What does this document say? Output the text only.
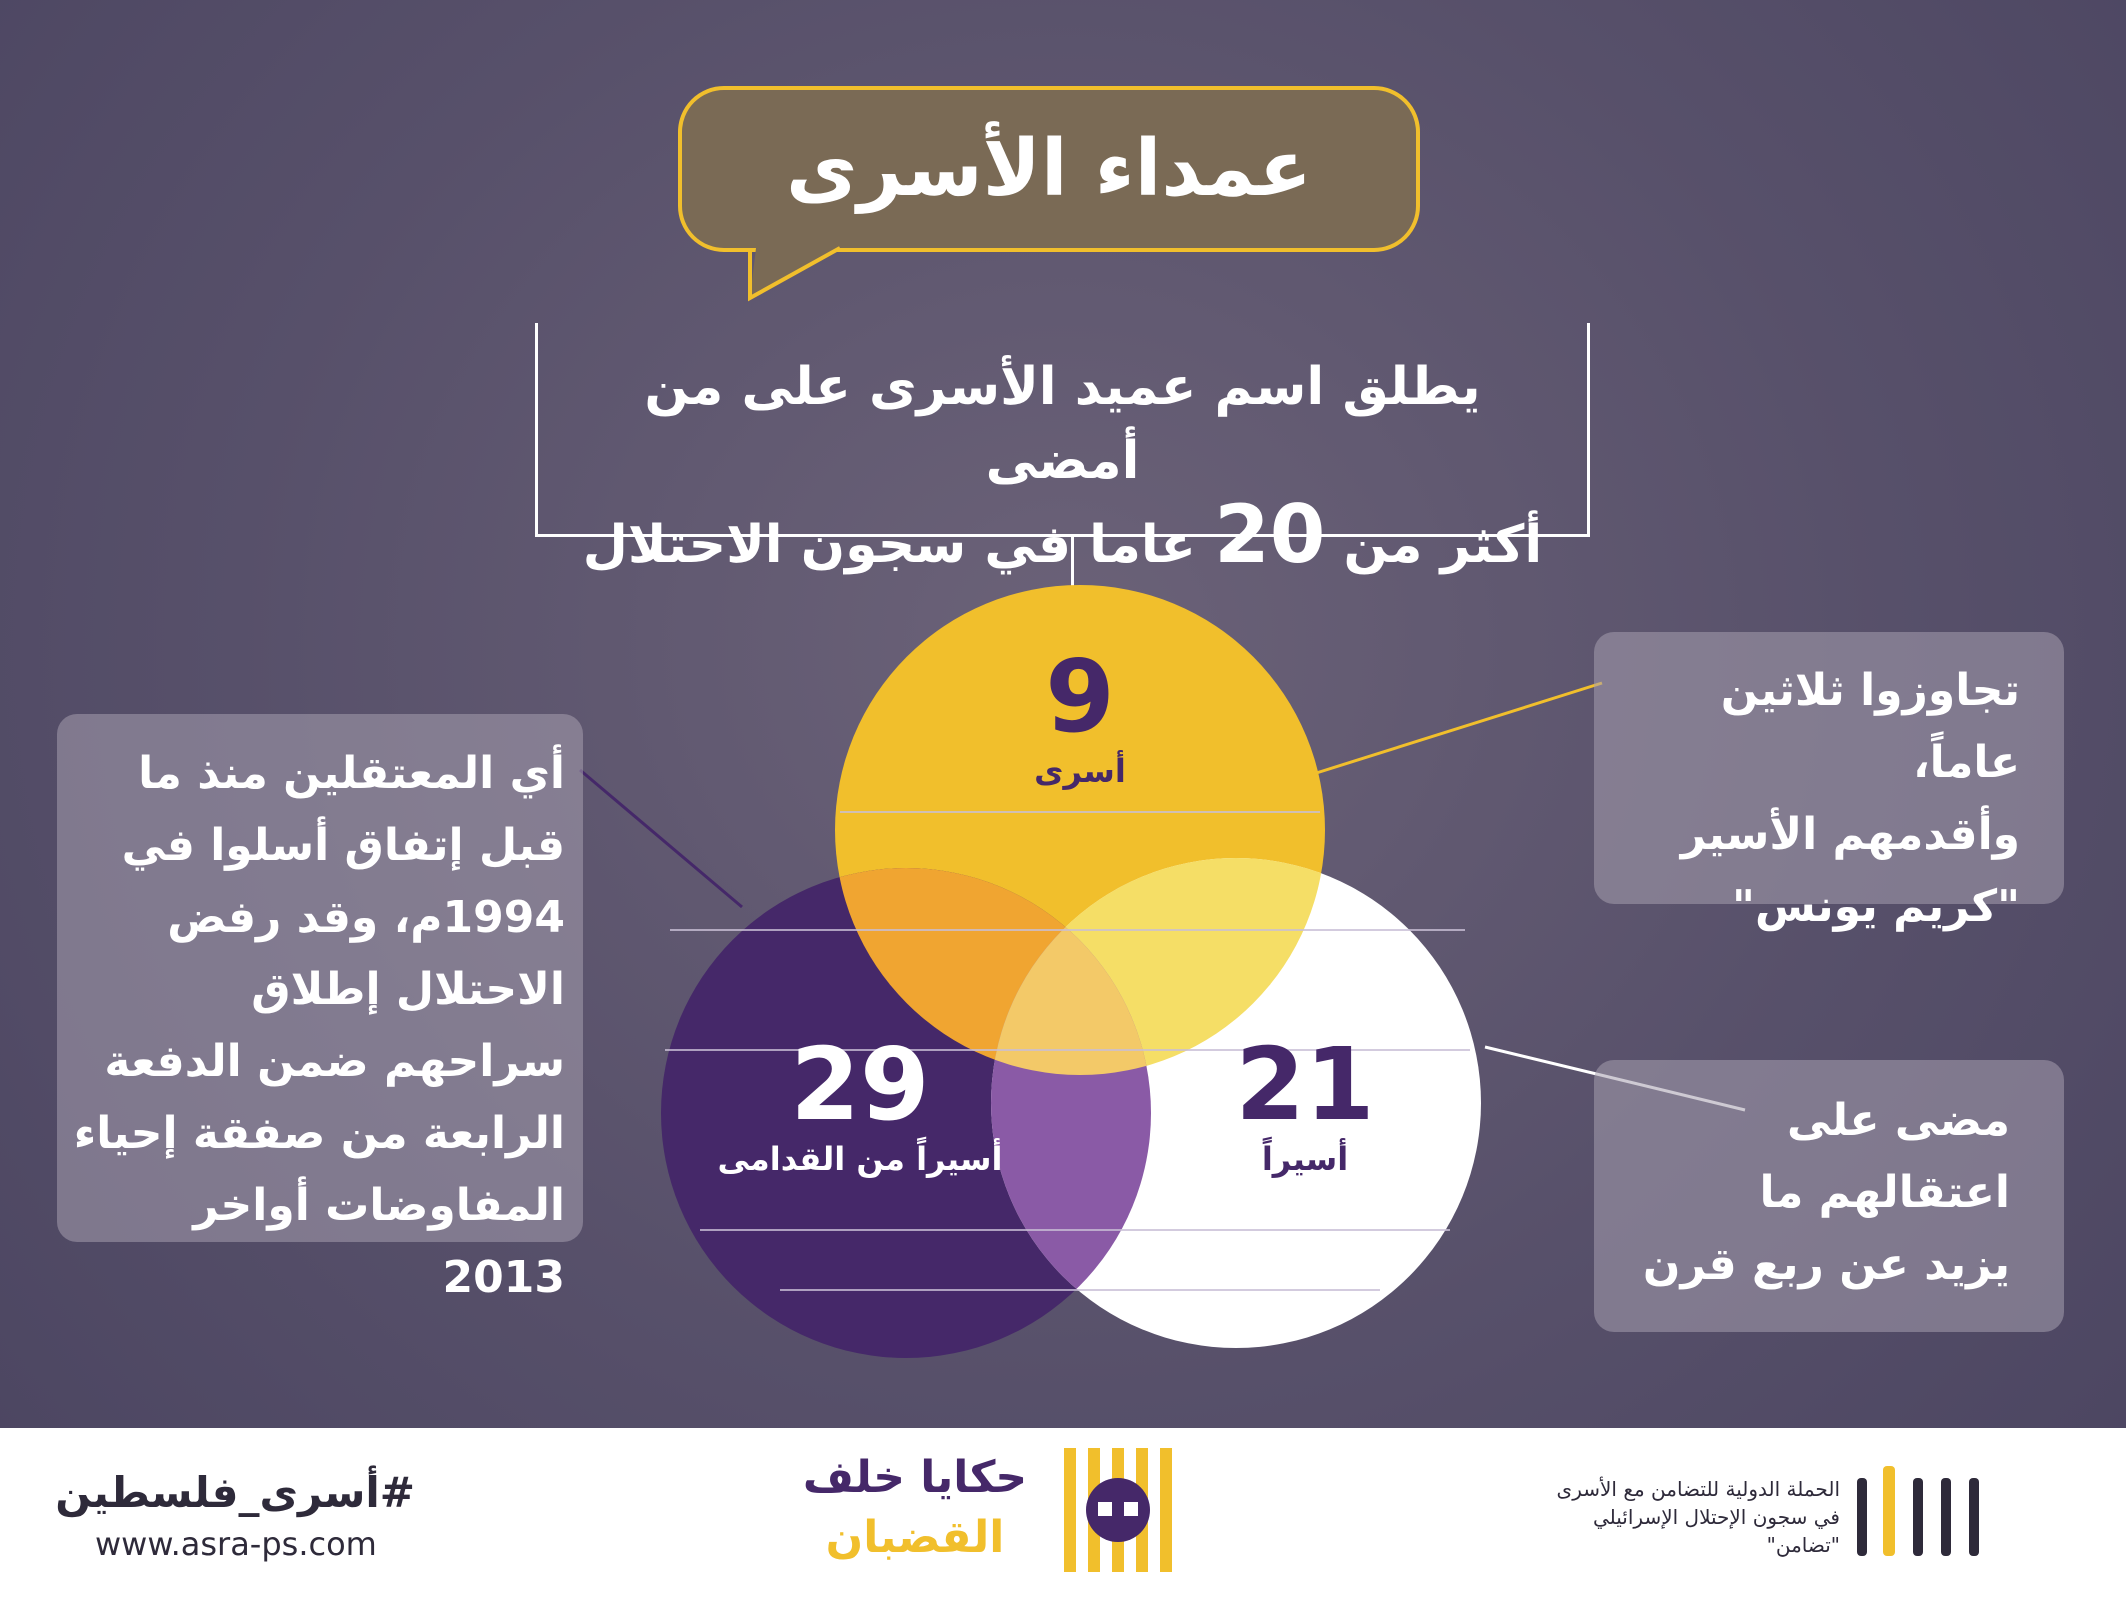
عمداء الأسرى
يطلق اسم عميد الأسرى على من أمضى
أكثر من 20 عاما في سجون الاحتلال
9
أسرى
29
أسيراً من القدامى
21
أسيراً
تجاوزوا ثلاثين عاماً،
وأقدمهم الأسير
"كريم يونس"
أي المعتقلين منذ ما
قبل إتفاق أسلوا في
1994م، وقد رفض
الاحتلال إطلاق
سراحهم ضمن الدفعة
الرابعة من صفقة إحياء
المفاوضات أواخر 2013
مضى على
اعتقالهم ما
يزيد عن ربع قرن
#أسرى_فلسطين
www.asra-ps.com
حكايا خلف
القضبان
الحملة الدولية للتضامن مع الأسرى
في سجون الإحتلال الإسرائيلي
"تضامن"
